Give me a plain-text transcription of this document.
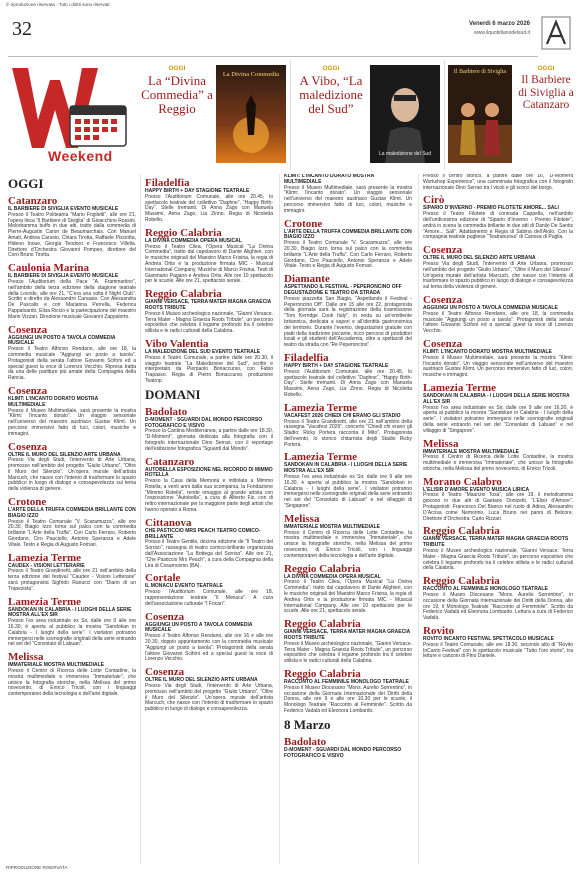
© riproduzione riservata - Tutti i diritti sono riservati
32	Venerdì 6 marzo 2026
www.ilquotidianodelsud.it
Weekend
OGGI
La “Divina Commedia” a Reggio
La Divina Commedia
OGGI
A Vibo, “La maledizione del Sud”
La maledizione del Sud
OGGI
Il Barbiere di Siviglia a Catanzaro
Il Barbiere di Siviglia
OGGI
Catanzaro
IL BARBIERE DI SIVIGLIA EVENTO MUSICALE
Presso il Teatro Politeama “Mario Foglietti”, alle ore 21, l’opera lirica “Il Barbiere di Siviglia” di Gioacchino Rossini. Melodramma buffo in due atti, tratto dalla commedia di Pierre-Augustin Caron de Beaumarchais. Con Manuel Amati, Andrea Carusio, Chiara Tirotta, Raffaele Pisciotta, Hideon Inoue, Giorgia Teodoro e Francesco Villella. Direttore d’Orchestra Giovanni Pompeo, direttore del Coro Bruno Tirotta.
Caulonia Marina
IL BARBIERE DI SIVIGLIA EVENTO MUSICALE
Presso l’Auditorium della Pace “A. Frammartino”, nell’ambito della terza edizione della stagione teatrale della Locride, alle ore 21, “C’era una volta il Night Club”. Scritto e diretto da Alessandro Carvasio. Con Alessandra De Pascalis e con Marianna Perrella, Federica Pappaloardo, Elisa Riccio e la partecipazione del maestro Mario Vizzari. Direzione musicale Giovanni Zappalorto.
Cosenza
AGGIUNGI UN POSTO A TAVOLA COMMEDIA MUSICALE
Presso il Teatro Alfonso Rendano, alle ore 18, la commedia musicale “Aggiungi un posto a tavola”. Protagonisti della serata l’attore Giovanni Scifoni ed a special guest la voce di Lorenzo Vecchio. Ripresa tratta da una delle partiture più amate della Compagnia della Rancia.
Cosenza
KLIMT: L’INCANTO DORATO MOSTRA MULTIMEDIALE
Presso il Museo Multimediale, sarà presente la mostra “Klimt: l’incanto dorato”. Un viaggio sensoriale nell’universo del maestro austriaco Gustav Klimt. Un percorso immersivo fatto di luci, colori, musiche e immagini.
Cosenza
OLTRE IL MURO DEL SILENZIO ARTE URBANA
Presso Via degli Studi, l’intervento di Arte Urbana, promosso nell’ambito del progetto “Giulio Urbano”, “Oltre il Muro del Silenzio”. Un’opera murale dell’artista Marcuch, che nasce con l’intento di trasformare lo spazio pubblico in luogo di dialogo e consapevolezza sul tema della violenza di genere.
Crotone
L’ARTE DELLA TRUFFA COMMEDIA BRILLANTE CON BIAGIO IZZO
Presso il Teatro Comunale “V. Scaramuzza”, alle ore 20.30, Biagio Izzo torna sul palco con la commedia brillante “L’Arte della Truffa”. Con Carlo Ferraro, Roberto Giordano, Ciro Pauciello, Antonio Speranza e Adele Vitale. Testo e Regia di Augusto Fornari.
Lamezia Terme
CAUDEX - VISIONI LETTERARIE
Presso il Teatro Grandinetti, alle ore 21 nell’ambito della terza edizione del festival “Caudex - Visioni Letterarie” sarà protagonista Sigfrido Ranucci con “Diario di un Trapezista”.
Lamezia Terme
SANDOKAN IN CALABRIA - I LUOGHI DELLA SERIE MOSTRA ALL’EX SIR
Presso l’ex area industriale ex Sir, dalle ore 9 alle ore 16.30, è aperta al pubblico la mostra “Sandokan in Calabria - I luoghi della serie”. I visitatori potranno immergersi nelle scenografie originali della serie entrando nel set del “Consolato di Labuan”.
Melissa
IMMATERIALE MOSTRA MULTIMEDIALE
Presso il Centro di Ricerca delle Lotte Contadine, la mostra multimediale e immersiva “Immateriale”, che unisce la fotografia storiche, nella Melissa del primo novecento, di Enrico Tricoli, con i linguaggi contemporanei della tecnologia e dell’arte digitale.
Filadelfia
HAPPY BIRTH + DAY STAGIONE TEATRALE
Presso l’Auditorium Comunale, alle ore 20.45, lo spettacolo teatrale del collettivo “Daphne”, “Happy Birth-Day”. Stelle tremanti. Di Anna Zago con Manuela Massimi, Anna Zago, Lia Zinno. Regia di Nicoletta Robello.
Reggio Calabria
LA DIVINA COMMEDIA OPERA MUSICAL
Presso il Teatro Cilea, l’Opera Musical “La Divina Commedia”, tratto dal capolavoro di Dante Alighieri, con le musiche originali del Maestro Marco Frisina, la regia di Andrea Ortis e la produzione firmata MIC - Musical International Company. Musiche di Marco Frisina. Testi di Gianmario Pagano e Andrea Ortis. Alle ore 10 spettacolo per le scuole. Alle ore 21, spettacolo serale.
Reggio Calabria
GIANNI VERSACE, TERRA MATER MAGNA GRAECIA ROOTS TRIBUTE
Presso il Museo archeologico nazionale, “Gianni Versace. Terra Mater - Magna Graecia Roots Tribute”, un percorso espositivo che celebra il legame profondo tra il celebre stilista e le radici culturali della Calabria.
Vibo Valentia
LA MALEDIZIONE DEL SUD EVENTO TEATRALE
Presso il Teatro Comunale, a partire dalle ore 20.30, il viaggio teatrale “La Maledizione del Sud”, scritto e interpretato da Pierpaolo Bonaccurso, con Fabio Trapasso. Regia di Pietro Bonaccurso, produzione Teatrop.
DOMANI
Badolato
D-MOMENT - SGUARDI DAL MONDO PERCORSO FOTOGRAFICO E VISIVO
Presso la Cantina Mediterranea, a partire dalle ore 18.30, “D-Moment”, giornata dedicata alla fotografia con il fotografo internazionale Dino Serrao, con il reportage dell’esibizione fotografica “Sguardi dal Mondo”.
Catanzaro
AUTOBELLA ESPOSIZIONE NEL RICORDO DI MIMMO ROTELLA
Presso la Casa della Memoria e intitolata a Mimmo Rotella, a venti anni dalla sua scomparsa, la Fondazione “Mimmo Rotella”, rende omaggio al grande artista con l’esposizione “Autobella”, a cura di Alberto Fiz, con di rettro internazionale per la maggiore parte degli artisti che hanno operato a Roma.
Cittanova
CHE PASTICCIO MRS PEACH TEATRO COMICO-BRILLANTE
Presso il Teatro Gentile, decima edizione de “Il Teatro del Sorriso”, rassegna di teatro comico-brillante organizzata dall’Associazione “La Bottega del Sorriso”. Alle ore 21, “Che Pasticcio Mrs Peach”, a cura della Compagnia della Lira di Cosamosmo (BA).
Cortale
IL MONACU EVENTO TEATRALE
Presso l’Auditorium Comunale, alle ore 18, rappresentazione teatrale “Il Monacu”. A cura dell’associazione culturale “I Focari”.
Cosenza
AGGIUNGI UN POSTO A TAVOLA COMMEDIA MUSICALE
Presso il Teatro Alfonso Rendano, alle ore 16 e alle ore 20.30, doppio appuntamento con la commedia musicale “Aggiungi un posto a tavola”. Protagonisti della serata l’attore Giovanni Scifoni ed a special guest la voce di Lorenzo Vecchio.
Cosenza
OLTRE IL MURO DEL SILENZIO ARTE URBANA
Presso Via degli Studi, l’intervento di Arte Urbana, promosso nell’ambito del progetto “Giulio Urbano”, “Oltre il Muro del Silenzio”. Un’opera murale dell’artista Marcuch, che nasce con l’intento di trasformare lo spazio pubblico in luogo di dialogo e consapevolezza.
KLIMT: L’INCANTO DORATO MOSTRA MULTIMEDIALE
Presso il Museo Multimediale, sarà presente la mostra “Klimt: l’incanto dorato”. Un viaggio sensoriale nell’universo del maestro austriaco Gustav Klimt. Un percorso immersivo fatto di luci, colori, musiche e immagini.
Crotone
L’ARTE DELLA TRUFFA COMMEDIA BRILLANTE CON BIAGIO IZZO
Presso il Teatro Comunale “V. Scaramuzza”, alle ore 20.30, Biagio Izzo torna sul palco con la commedia brillante “L’Arte della Truffa”. Con Carlo Ferraro, Roberto Giordano, Ciro Pauciello, Antonio Speranza e Adele Vitale. Testo e Regia di Augusto Fornari.
Diamante
ASPETTANDO IL FESTIVAL - PEPERONCINO OFF DEGUSTAZIONE E TEATRO DA STRADA
Presso piazzetta San Biagio, “Aspettando il Festival - Peperoncino Off”. Dalle ore 15 alle ore 22, protagonista della giornata sarà la registrazione della trasmissione “Tom Kerridge Cook Italy”, in onda su un’emittente britannica, dedicata a saperi e all’identità gastronomica del territorio. Durante l’evento, degustazioni gratuite con piatti della tradizione piccante, ricco percorsi di produttori locali e gli studenti dell’Accademia, oltre a spettacoli del teatro da strada con “Re Peperoncino”.
Filadelfia
HAPPY BIRTH + DAY STAGIONE TEATRALE
Presso l’Auditorium Comunale, alle ore 20.45, lo spettacolo teatrale del collettivo “Daphne”, “Happy Birth-Day”. Stelle tremanti. Di Anna Zago con Manuela Massimi, Anna Zago, Lia Zinno. Regia di Nicoletta Robello.
Lamezia Terme
VACAFEST 2026 CHIEDI CHI ERANO GLI STADIO
Presso il Teatro Grandinetti, alle ore 21 nell’ambito della rassegna “Vacafest 2026”, concerto “Chiedi chi erano gli Stadio: Ricky Portera racconta il Mito”. Protagonista dell’evento, lo storico chitarrista degli Stadio Ricky Portera.
Lamezia Terme
SANDOKAN IN CALABRIA - I LUOGHI DELLA SERIE MOSTRA ALL’EX SIR
Presso l’ex area industriale ex Sir, dalle ore 9 alle ore 16.30, è aperta al pubblico la mostra “Sandokan in Calabria - I luoghi della serie”. I visitatori potranno immergersi nelle scenografie originali della serie entrando nel set del “Consolato di Labuan” e nel villaggio di “Singapore”.
Melissa
IMMATERIALE MOSTRA MULTIMEDIALE
Presso il Centro di Ricerca delle Lotte Contadine, la mostra multimediale e immersiva “Immateriale”, che unisce la fotografie storiche, nella Melissa del primo novecento, di Enrico Tricoli, con i linguaggi contemporanei della tecnologia e dell’arte digitale.
Reggio Calabria
LA DIVINA COMMEDIA OPERA MUSICAL
Presso il Teatro Cilea, l’Opera Musical “La Divina Commedia”, tratto dal capolavoro di Dante Alighieri, con le musiche originali del Maestro Marco Frisina, la regia di Andrea Ortis e la produzione firmata MIC - Musical International Company. Alle ore 10 spettacolo per le scuole. Alle ore 21, spettacolo serale.
Reggio Calabria
GIANNI VERSACE, TERRA MATER MAGNA GRAECIA ROOTS TRIBUTE
Presso il Museo archeologico nazionale, “Gianni Versace. Terra Mater - Magna Graecia Roots Tribute”, un percorso espositivo che celebra il legame profondo tra il celebre stilista e le radici culturali della Calabria.
Reggio Calabria
RACCONTO AL FEMMINILE MONOLOGO TEATRALE
Presso il Museo Diocesano “Mons. Aurelio Sorrentino”, in occasione della Giornata Internazionale dei Diritti della Donna, alle ore 9 e alle ore 10.30 per le scuole, il Monologo Teatrale “Racconto al Femminile”. Scritto da Federico Vadalà ed Eleonora Lombardo.
8 Marzo
Badolato
D-MOMENT - SGUARDI DAL MONDO PERCORSO FOTOGRAFICO E VISIVO
Presso il centro storico, a partire dalle ore 16, “D-Moment Workshop Experience”, una camminata fotografica con il fotografo internazionale Dino Serrao tra i vicoli e gli scorci del borgo.
Cirò
SIPARIO D’INVERNO - PREMIO FILOTETE AMORE... SALI
Presso il Teatro Filotete di contrada Cappella, nell’ambito dell’undicesima edizione di “Sipario d’Inverno - Premio Filotete”, andrà in scena la commedia brillante in due atti di Danilo De Santis “Amore... Sali”. Adattamento e Regia di Sabina dell’Aiolo. Con la compagnia teatrale pugliese “Teatranuova” di Canosa di Puglia.
Cosenza
OLTRE IL MURO DEL SILENZIO ARTE URBANA
Presso Via degli Studi, l’intervento di Arte Urbana, promosso nell’ambito del progetto “Giulio Urbano”, “Oltre il Muro del Silenzio”. Un’opera murale dell’artista Marcuch, che nasce con l’intento di trasformare lo spazio pubblico in luogo di dialogo e consapevolezza sul tema della violenza di genere.
Cosenza
AGGIUNGI UN POSTO A TAVOLA COMMEDIA MUSICALE
Presso il Teatro Alfonso Rendano, alle ore 18, la commedia musicale “Aggiungi un posto a tavola”. Protagonisti della serata l’attore Giovanni Scifoni ed a special guest la voce di Lorenzo Vecchio.
Cosenza
KLIMT: L’INCANTO DORATO MOSTRA MULTIMEDIALE
Presso il Museo Multimediale, sarà presente la mostra “Klimt: l’incanto dorato”. Un viaggio sensoriale nell’universo del maestro austriaco Gustav Klimt. Un percorso immersivo fatto di luci, colori, musiche e immagini.
Lamezia Terme
SANDOKAN IN CALABRIA - I LUOGHI DELLA SERIE MOSTRA ALL’EX SIR
Presso l’ex area industriale ex Sir, dalle ore 9 alle ore 16.30, è aperta al pubblico la mostra “Sandokan in Calabria - I luoghi della serie”. I visitatori potranno immergersi nelle scenografie originali della serie entrando nel set del “Consolato di Labuan” e nel villaggio di “Singapore”.
Melissa
IMMATERIALE MOSTRA MULTIMEDIALE
Presso il Centro di Ricerca delle Lotte Contadine, la mostra multimediale e immersiva “Immateriale”, che unisce la fotografie storiche, nella Melissa del primo novecento, di Enrico Tricoli.
Morano Calabro
L’ELISIR D’AMORE EVENTO MUSICA LIRICA
Presso il Teatro “Maurizio Tosa”, alle ore 19, il melodramma giocoso in due atti di Gaetano Donizetti, “L’Elisir d’Amore”. Protagonisti: Francesco Del Bianco nel ruolo di Adina, Alessandro D’Acrisa come Nemorino, Luca Bruno nei panni di Belcore. Direttore d’Orchestra: Carlo Rizzari.
Reggio Calabria
GIANNI VERSACE, TERRA MATER MAGNA GRAECIA ROOTS TRIBUTE
Presso il Museo archeologico nazionale, “Gianni Versace. Terra Mater - Magna Graecia Roots Tribute”, un percorso espositivo che celebra il legame profondo tra il celebre stilista e le radici culturali della Calabria.
Reggio Calabria
RACCONTO AL FEMMINILE MONOLOGO TEATRALE
Presso il Museo Diocesano “Mons. Aurelio Sorrentino”, in occasione della Giornata Internazionale dei Diritti della Donna, alle ore 19, il Monologo Teatrale “Racconto al Femminile”. Scritto da Federico Vadalà ed Eleonora Lombardo. Lettura a cura di Federico Vadalà.
Rovito
ROVITO INCANTO FESTIVAL SPETTACOLO MUSICALE
Presso il Teatro Comunale, alle ore 18.30, secondo atto di “Rovito InCanto Festival” con lo spettacolo musicale “Tutto l’oro storto”, tra letture e canzoni di Pino Daniele.
RIPRODUZIONE RISERVATA
